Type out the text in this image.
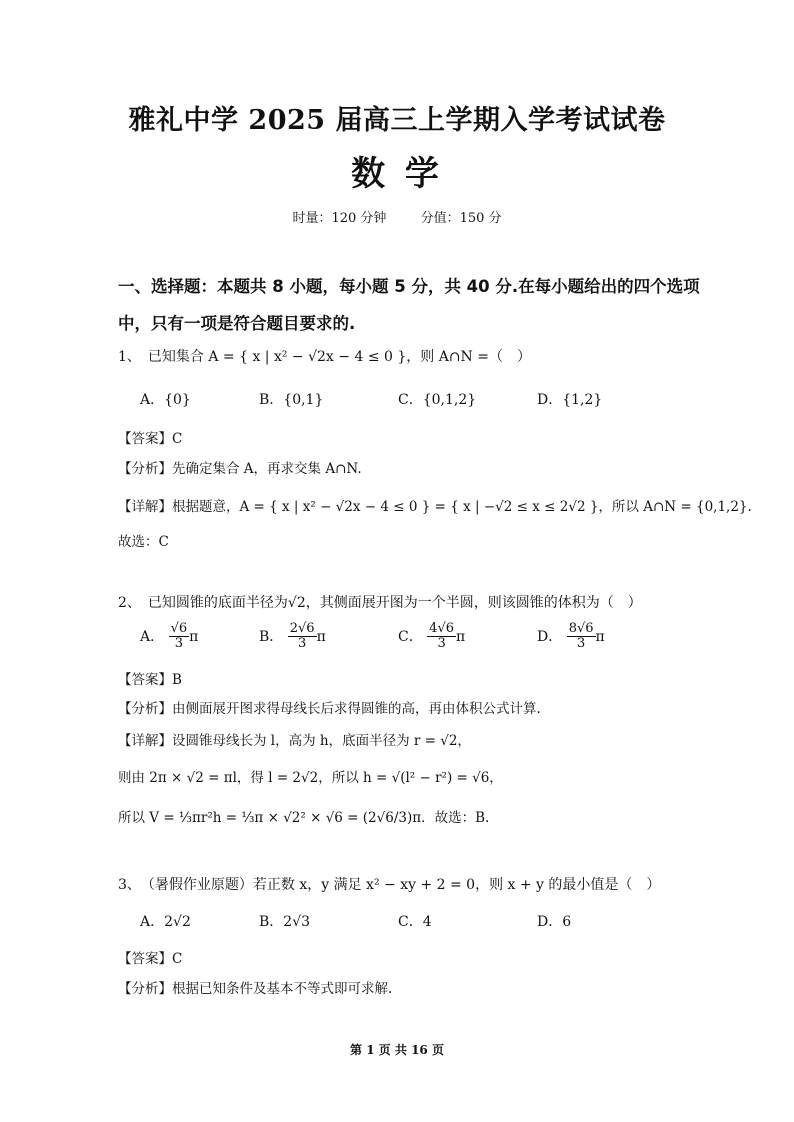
雅礼中学 2025 届高三上学期入学考试试卷
数 学
时量：120 分钟	分值：150 分
一、选择题：本题共 8 小题，每小题 5 分，共 40 分.在每小题给出的四个选项
中，只有一项是符合题目要求的.
1、　已知集合 A = { x | x² − √2x − 4 ≤ 0 }，则 A∩N =（　）
A．{0}	B．{0,1}	C．{0,1,2}	D．{1,2}
【答案】C
【分析】先确定集合 A，再求交集 A∩N.
【详解】根据题意，A = { x | x² − √2x − 4 ≤ 0 } = { x | −√2 ≤ x ≤ 2√2 }，所以 A∩N = {0,1,2}.
故选：C
2、　已知圆锥的底面半径为√2，其侧面展开图为一个半圆，则该圆锥的体积为（　）
A． $\frac{√6}{3}$ π	B． $\frac{2√6}{3}$ π	C． $\frac{4√6}{3}$ π	D． $\frac{8√6}{3}$ π
【答案】B
【分析】由侧面展开图求得母线长后求得圆锥的高，再由体积公式计算.
【详解】设圆锥母线长为 l，高为 h，底面半径为 r = √2，
则由 2π × √2 = πl，得 l = 2√2，所以 h = √(l² − r²) = √6，
所以 V = ⅓πr²h = ⅓π × √2² × √6 = (2√6/3)π．故选：B.
3、　（暑假作业原题）若正数 x，y 满足 x² − xy + 2 = 0，则 x + y 的最小值是（　）
A．2√2	B．2√3	C．4	D．6
【答案】C
【分析】根据已知条件及基本不等式即可求解.
第 1 页 共 16 页
